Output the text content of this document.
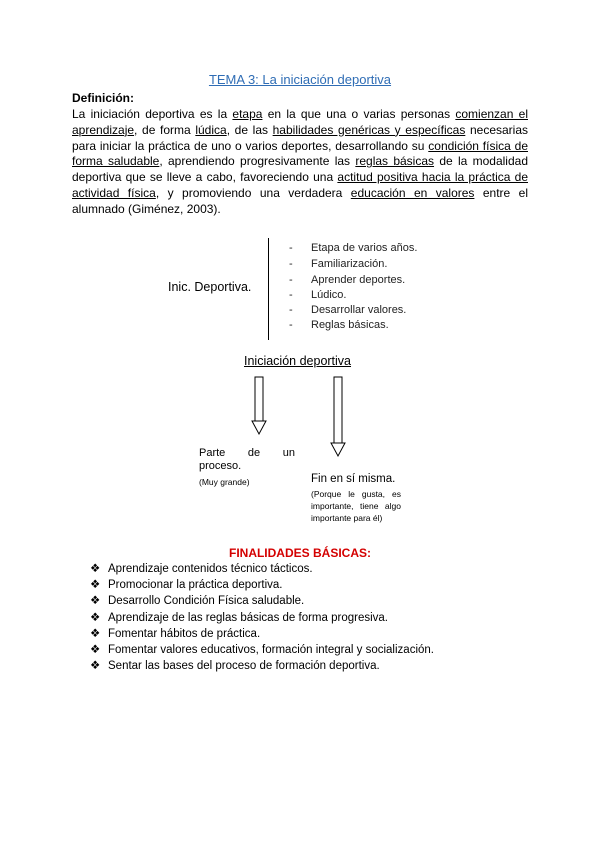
TEMA 3: La iniciación deportiva
Definición:
La iniciación deportiva es la etapa en la que una o varias personas comienzan el aprendizaje, de forma lúdica, de las habilidades genéricas y específicas necesarias para iniciar la práctica de uno o varios deportes, desarrollando su condición física de forma saludable, aprendiendo progresivamente las reglas básicas de la modalidad deportiva que se lleve a cabo, favoreciendo una actitud positiva hacia la práctica de actividad física, y promoviendo una verdadera educación en valores entre el alumnado (Giménez, 2003).
Inic. Deportiva.
- Etapa de varios años.
- Familiarización.
- Aprender deportes.
- Lúdico.
- Desarrollar valores.
- Reglas básicas.
Iniciación deportiva
Parte de un proceso.
(Muy grande)	Fin en sí misma.
(Porque le gusta, es importante, tiene algo importante para él)
FINALIDADES BÁSICAS:
❖ Aprendizaje contenidos técnico tácticos.
❖ Promocionar la práctica deportiva.
❖ Desarrollo Condición Física saludable.
❖ Aprendizaje de las reglas básicas de forma progresiva.
❖ Fomentar hábitos de práctica.
❖ Fomentar valores educativos, formación integral y socialización.
❖ Sentar las bases del proceso de formación deportiva.
